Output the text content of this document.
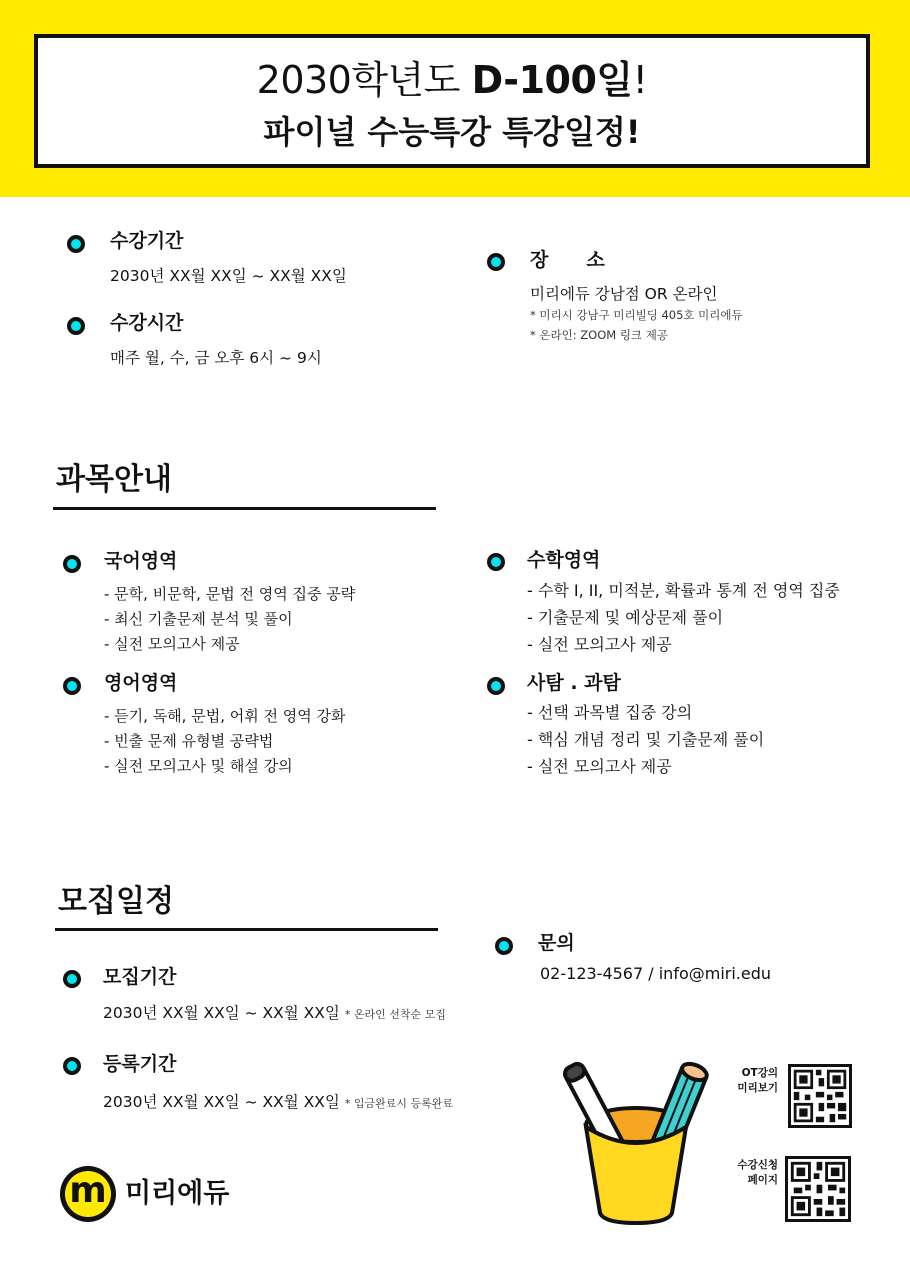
2030학년도 D-100일!
파이널 수능특강 특강일정!
수강기간
2030년 XX월 XX일 ~ XX월 XX일
수강시간
매주 월, 수, 금 오후 6시 ~ 9시
장　　소
미리에듀 강남점 OR 온라인
* 미리시 강남구 미리빌딩 405호 미리에듀
* 온라인: ZOOM 링크 제공
과목안내
국어영역
- 문학, 비문학, 문법 전 영역 집중 공략
- 최신 기출문제 분석 및 풀이
- 실전 모의고사 제공
영어영역
- 듣기, 독해, 문법, 어휘 전 영역 강화
- 빈출 문제 유형별 공략법
- 실전 모의고사 및 해설 강의
수학영역
- 수학 I, II, 미적분, 확률과 통계 전 영역 집중
- 기출문제 및 예상문제 풀이
- 실전 모의고사 제공
사탐 . 과탐
- 선택 과목별 집중 강의
- 핵심 개념 정리 및 기출문제 풀이
- 실전 모의고사 제공
모집일정
모집기간
2030년 XX월 XX일 ~ XX월 XX일 * 온라인 선착순 모집
등록기간
2030년 XX월 XX일 ~ XX월 XX일 * 입금완료시 등록완료
문의
02-123-4567 / info@miri.edu
m 미리에듀
OT강의
미리보기
수강신청
페이지
